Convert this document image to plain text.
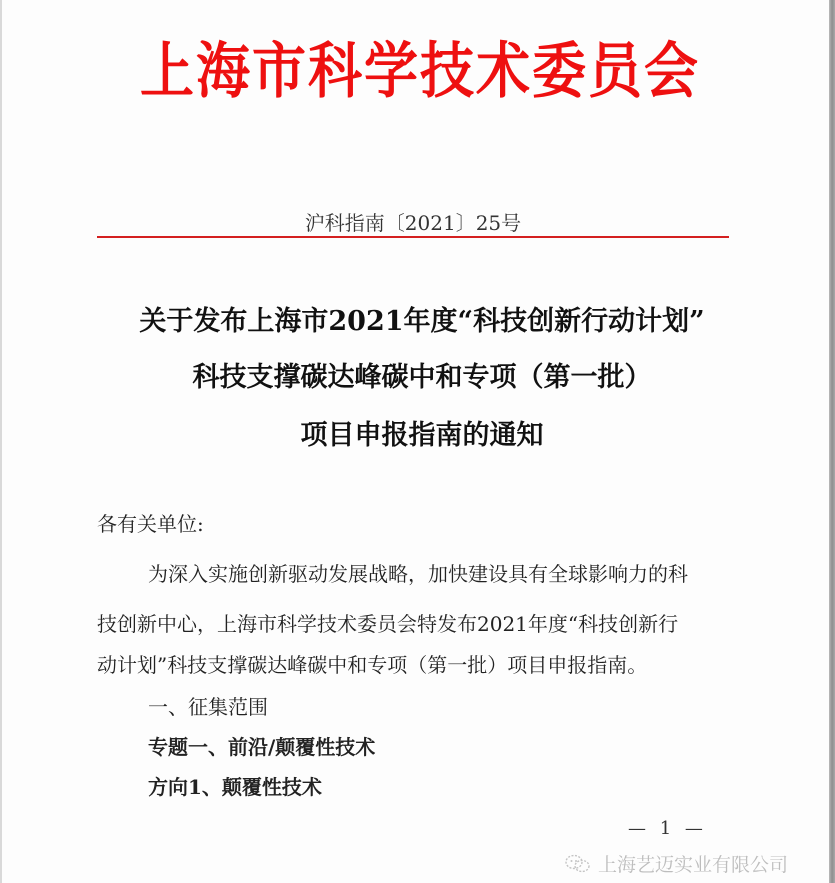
上海市科学技术委员会
沪科指南〔2021〕25号
关于发布上海市2021年度“科技创新行动计划”
科技支撑碳达峰碳中和专项（第一批）
项目申报指南的通知
各有关单位:
为深入实施创新驱动发展战略，加快建设具有全球影响力的科
技创新中心，上海市科学技术委员会特发布2021年度“科技创新行
动计划”科技支撑碳达峰碳中和专项（第一批）项目申报指南。
一、征集范围
专题一、前沿/颠覆性技术
方向1、颠覆性技术
— 1 —
上海艺迈实业有限公司
